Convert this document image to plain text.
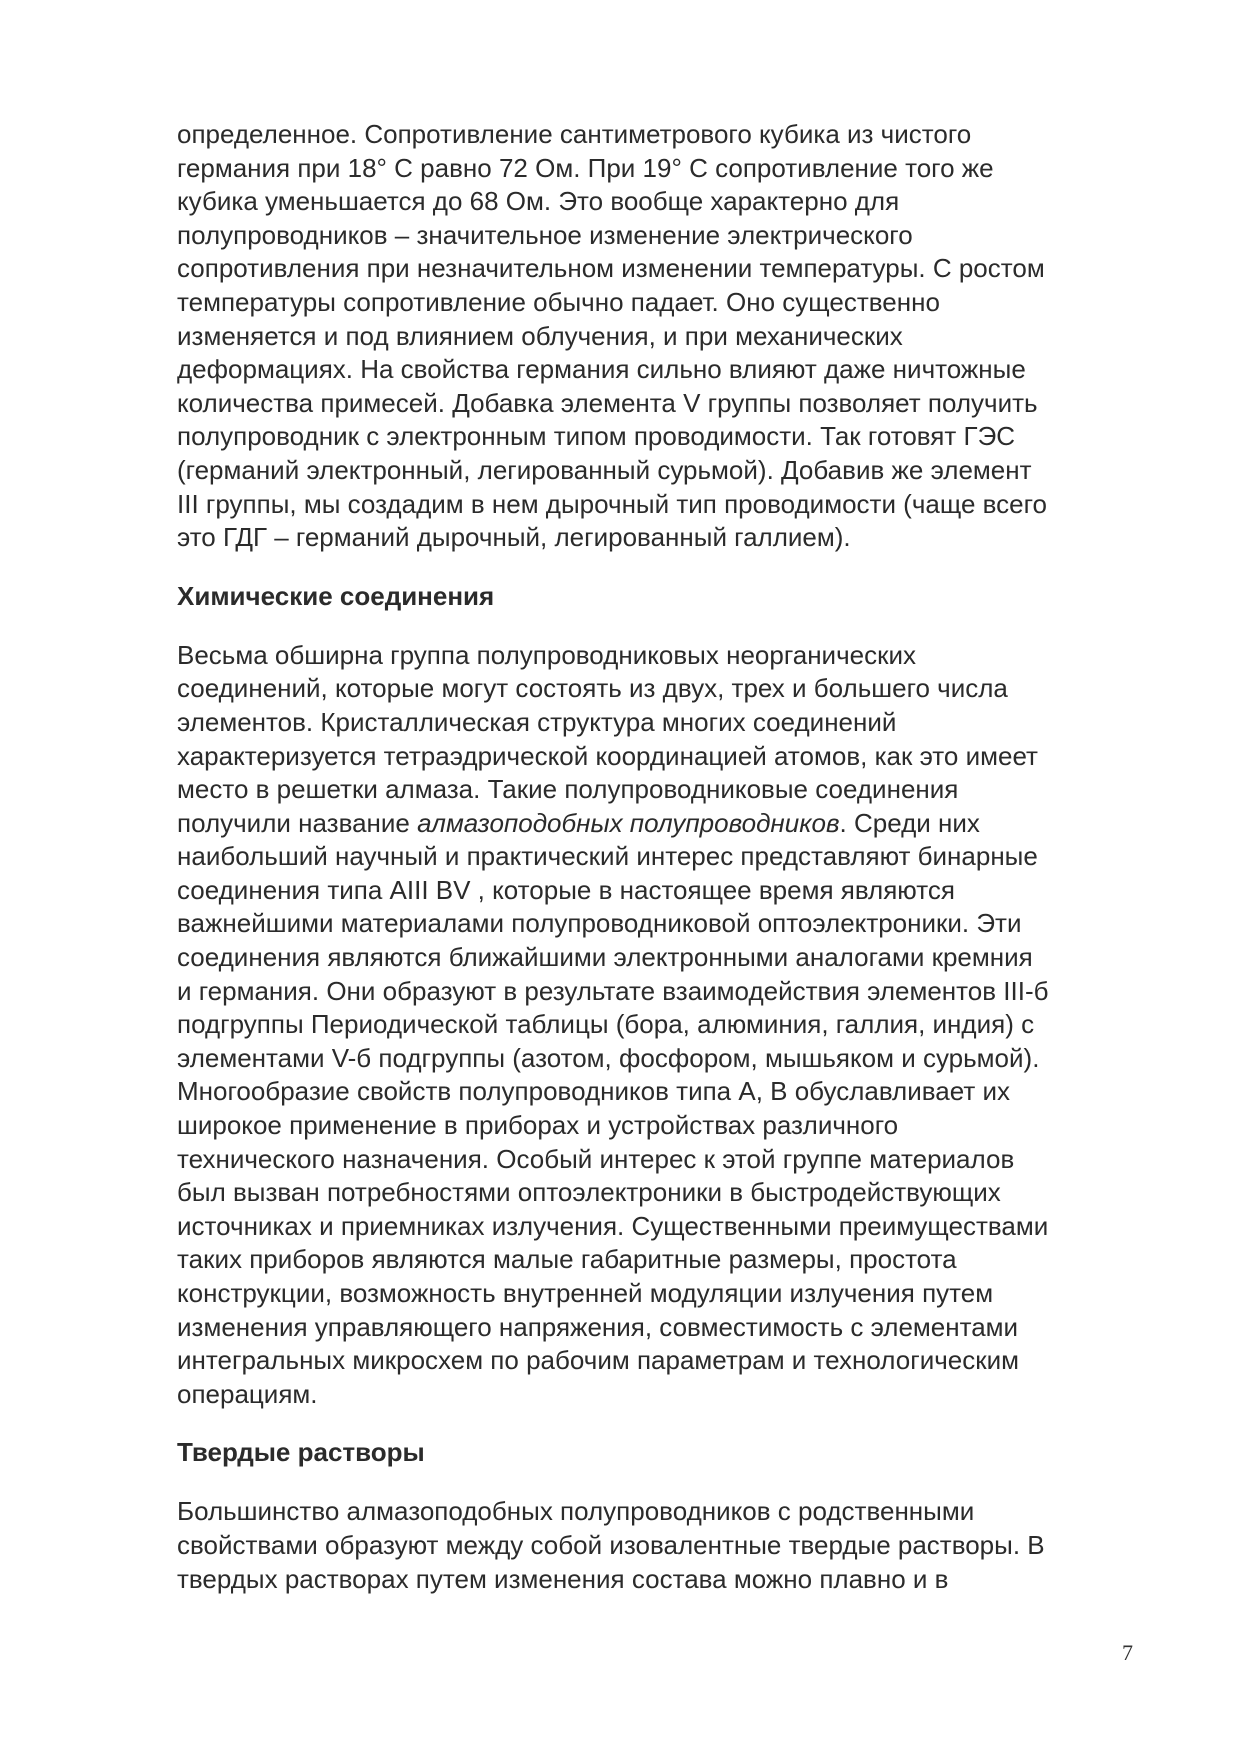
определенное. Сопротивление сантиметрового кубика из чистого
германия при 18° С равно 72 Ом. При 19° С сопротивление того же
кубика уменьшается до 68 Ом. Это вообще характерно для
полупроводников – значительное изменение электрического
сопротивления при незначительном изменении температуры. С ростом
температуры сопротивление обычно падает. Оно существенно
изменяется и под влиянием облучения, и при механических
деформациях. На свойства германия сильно влияют даже ничтожные
количества примесей. Добавка элемента V группы позволяет получить
полупроводник с электронным типом проводимости. Так готовят ГЭС
(германий электронный, легированный сурьмой). Добавив же элемент
III группы, мы создадим в нем дырочный тип проводимости (чаще всего
это ГДГ – германий дырочный, легированный галлием).
Химические соединения
Весьма обширна группа полупроводниковых неорганических
соединений, которые могут состоять из двух, трех и большего числа
элементов. Кристаллическая структура многих соединений
характеризуется тетраэдрической координацией атомов, как это имеет
место в решетки алмаза. Такие полупроводниковые соединения
получили название алмазоподобных полупроводников. Среди них
наибольший научный и практический интерес представляют бинарные
соединения типа AIII BV , которые в настоящее время являются
важнейшими материалами полупроводниковой оптоэлектроники. Эти
соединения являются ближайшими электронными аналогами кремния
и германия. Они образуют в результате взаимодействия элементов III-б
подгруппы Периодической таблицы (бора, алюминия, галлия, индия) с
элементами V-б подгруппы (азотом, фосфором, мышьяком и сурьмой).
Многообразие свойств полупроводников типа А, В обуславливает их
широкое применение в приборах и устройствах различного
технического назначения. Особый интерес к этой группе материалов
был вызван потребностями оптоэлектроники в быстродействующих
источниках и приемниках излучения. Существенными преимуществами
таких приборов являются малые габаритные размеры, простота
конструкции, возможность внутренней модуляции излучения путем
изменения управляющего напряжения, совместимость с элементами
интегральных микросхем по рабочим параметрам и технологическим
операциям.
Твердые растворы
Большинство алмазоподобных полупроводников с родственными
свойствами образуют между собой изовалентные твердые растворы. В
твердых растворах путем изменения состава можно плавно и в
7
